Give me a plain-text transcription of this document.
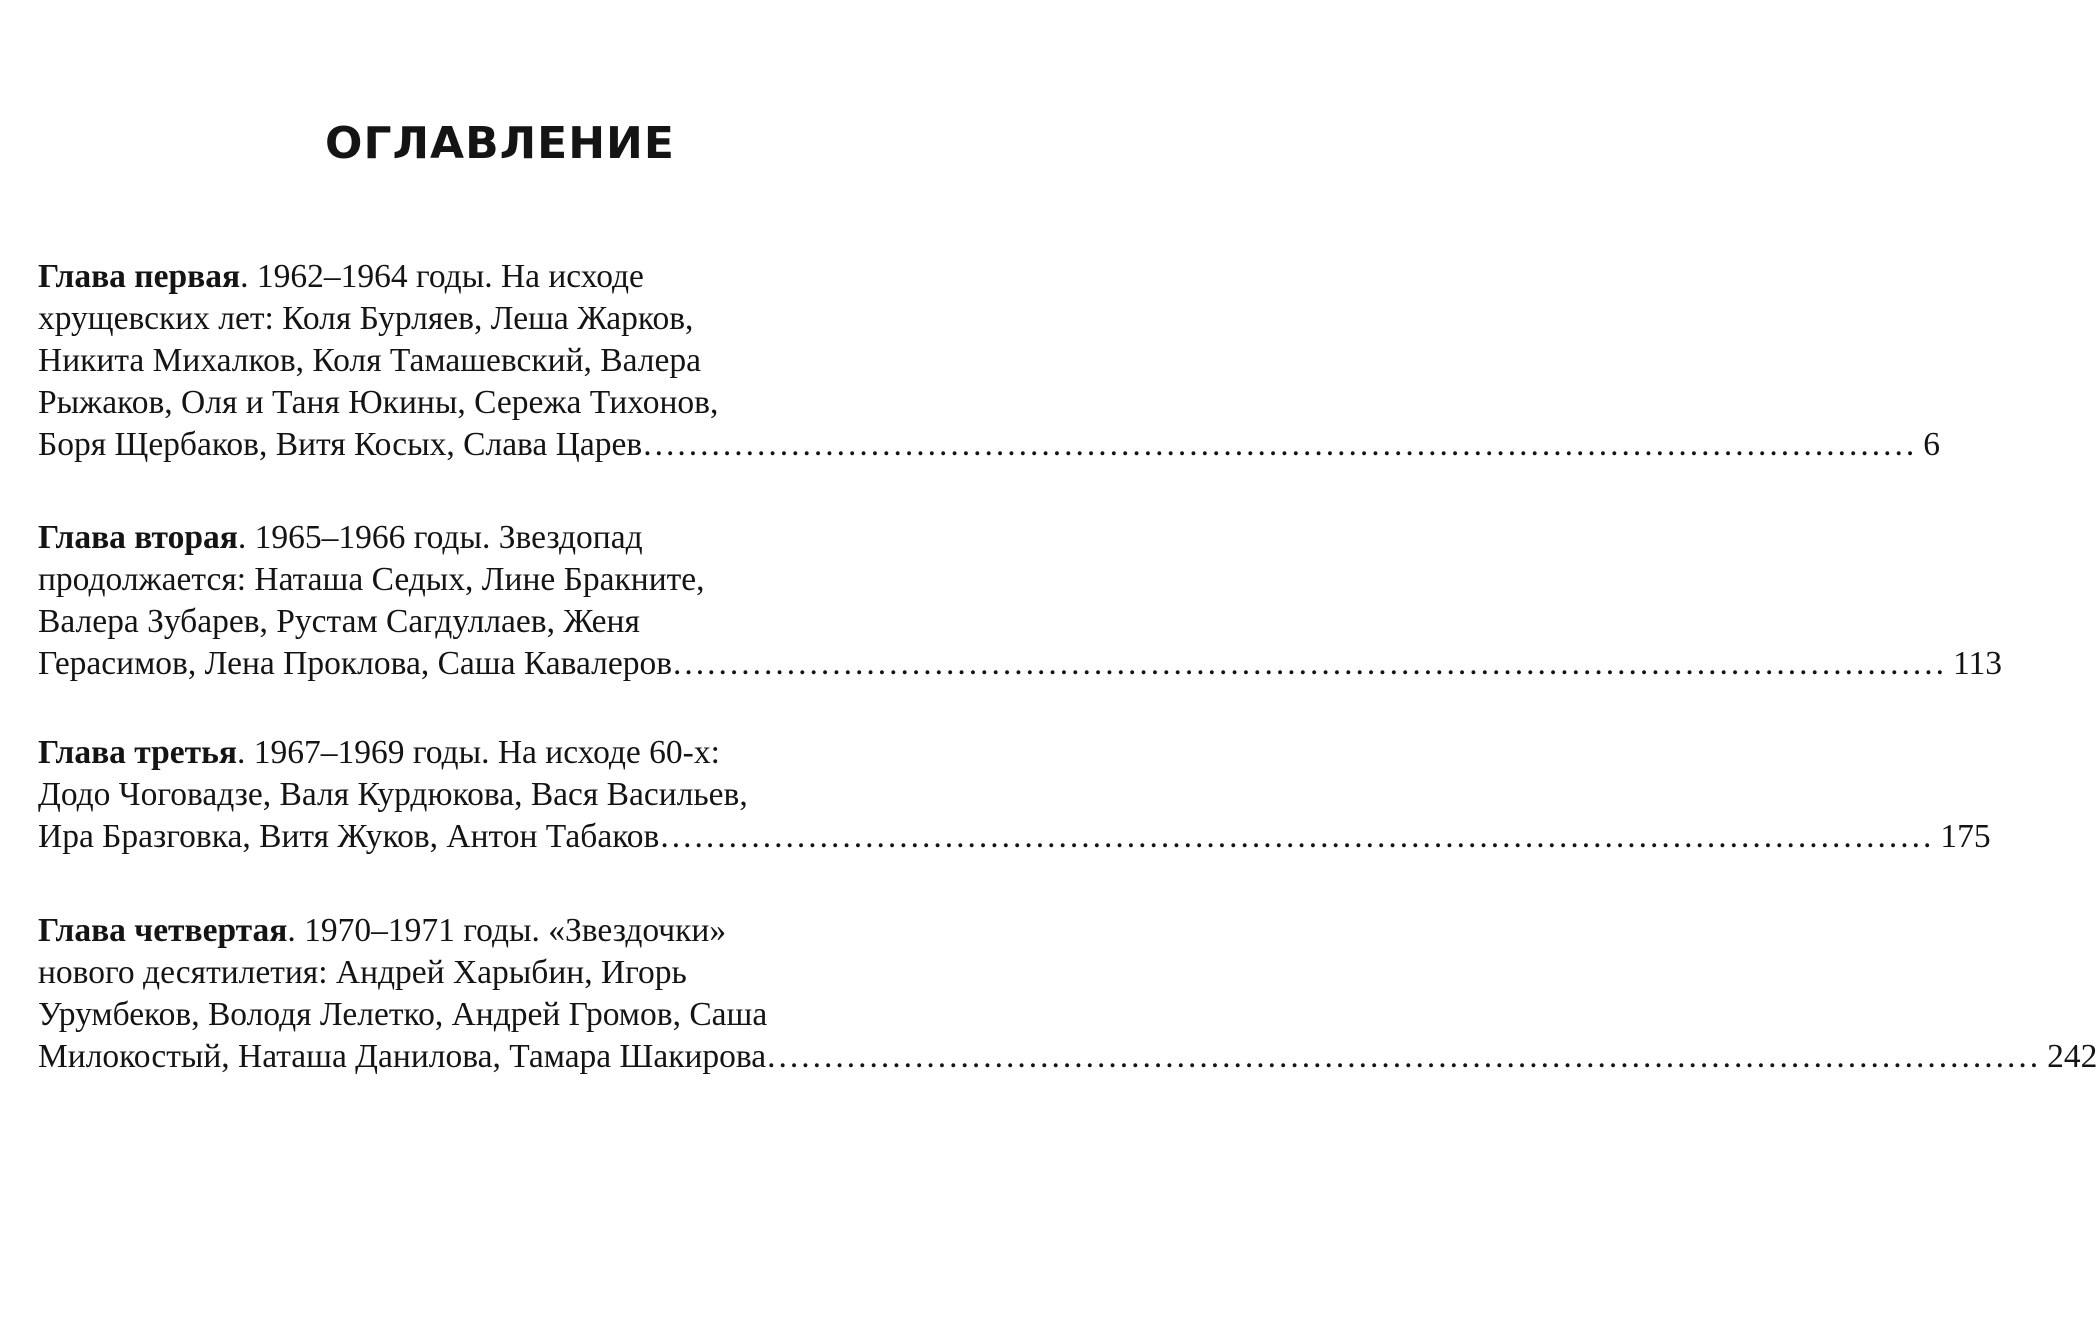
ОГЛАВЛЕНИЕ
Глава первая. 1962–1964 годы. На исходе
хрущевских лет: Коля Бурляев, Леша Жарков,
Никита Михалков, Коля Тамашевский, Валера
Рыжаков, Оля и Таня Юкины, Сережа Тихонов,
Боря Щербаков, Витя Косых, Слава Царев ................................................................................................................ 6
Глава вторая. 1965–1966 годы. Звездопад
продолжается: Наташа Седых, Лине Бракните,
Валера Зубарев, Рустам Сагдуллаев, Женя
Герасимов, Лена Проклова, Саша Кавалеров ................................................................................................................ 113
Глава третья. 1967–1969 годы. На исходе 60-х:
Додо Чоговадзе, Валя Курдюкова, Вася Васильев,
Ира Бразговка, Витя Жуков, Антон Табаков ................................................................................................................ 175
Глава четвертая. 1970–1971 годы. «Звездочки»
нового десятилетия: Андрей Харыбин, Игорь
Урумбеков, Володя Лелетко, Андрей Громов, Саша
Милокостый, Наташа Данилова, Тамара Шакирова ................................................................................................................ 242
